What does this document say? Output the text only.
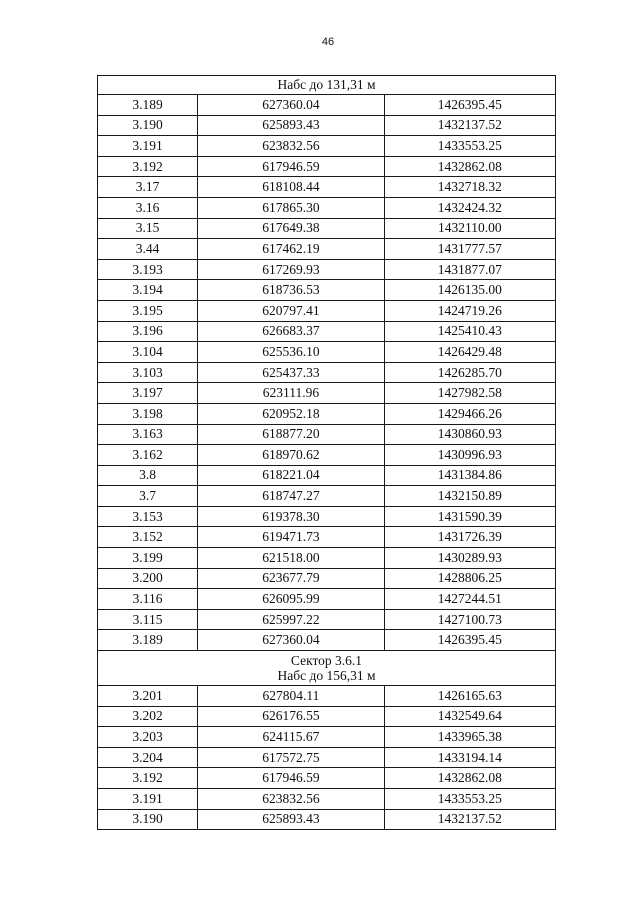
46
Набс до 131,31 м		

3.189	627360.04	1426395.45
3.190	625893.43	1432137.52
3.191	623832.56	1433553.25
3.192	617946.59	1432862.08
3.17	618108.44	1432718.32
3.16	617865.30	1432424.32
3.15	617649.38	1432110.00
3.44	617462.19	1431777.57
3.193	617269.93	1431877.07
3.194	618736.53	1426135.00
3.195	620797.41	1424719.26
3.196	626683.37	1425410.43
3.104	625536.10	1426429.48
3.103	625437.33	1426285.70
3.197	623111.96	1427982.58
3.198	620952.18	1429466.26
3.163	618877.20	1430860.93
3.162	618970.62	1430996.93
3.8	618221.04	1431384.86
3.7	618747.27	1432150.89
3.153	619378.30	1431590.39
3.152	619471.73	1431726.39
3.199	621518.00	1430289.93
3.200	623677.79	1428806.25
3.116	626095.99	1427244.51
3.115	625997.22	1427100.73
3.189	627360.04	1426395.45

Сектор 3.6.1
Набс до 156,31 м		

3.201	627804.11	1426165.63
3.202	626176.55	1432549.64
3.203	624115.67	1433965.38
3.204	617572.75	1433194.14
3.192	617946.59	1432862.08
3.191	623832.56	1433553.25
3.190	625893.43	1432137.52
